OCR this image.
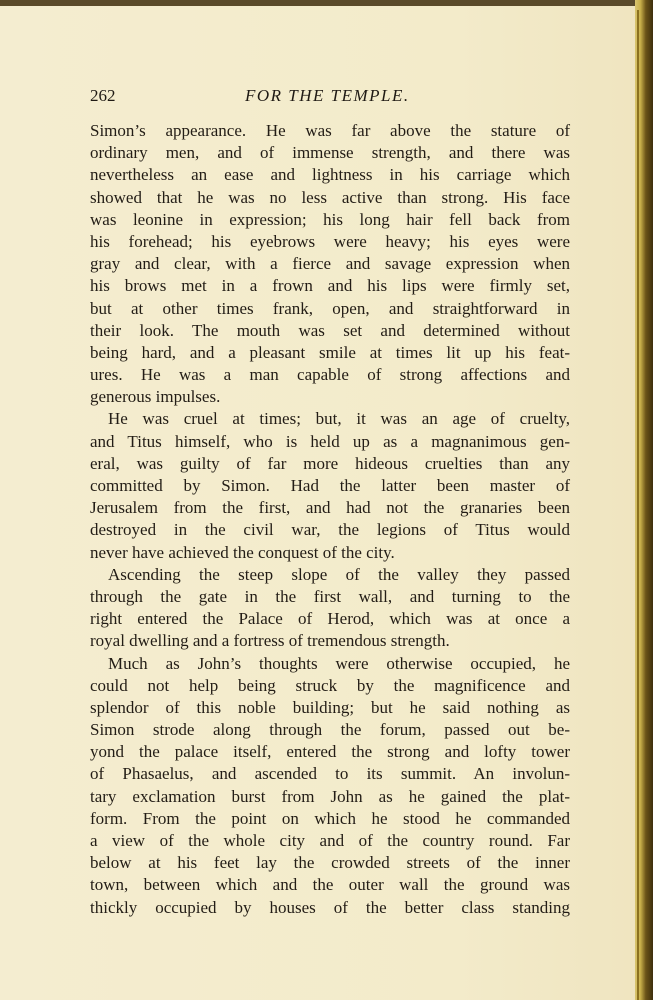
262	FOR THE TEMPLE.
Simon’s appearance. He was far above the stature of
ordinary men, and of immense strength, and there was
nevertheless an ease and lightness in his carriage which
showed that he was no less active than strong. His face
was leonine in expression; his long hair fell back from
his forehead; his eyebrows were heavy; his eyes were
gray and clear, with a fierce and savage expression when
his brows met in a frown and his lips were firmly set,
but at other times frank, open, and straightforward in
their look. The mouth was set and determined without
being hard, and a pleasant smile at times lit up his feat-
ures. He was a man capable of strong affections and
generous impulses.
He was cruel at times; but, it was an age of cruelty,
and Titus himself, who is held up as a magnanimous gen-
eral, was guilty of far more hideous cruelties than any
committed by Simon. Had the latter been master of
Jerusalem from the first, and had not the granaries been
destroyed in the civil war, the legions of Titus would
never have achieved the conquest of the city.
Ascending the steep slope of the valley they passed
through the gate in the first wall, and turning to the
right entered the Palace of Herod, which was at once a
royal dwelling and a fortress of tremendous strength.
Much as John’s thoughts were otherwise occupied, he
could not help being struck by the magnificence and
splendor of this noble building; but he said nothing as
Simon strode along through the forum, passed out be-
yond the palace itself, entered the strong and lofty tower
of Phasaelus, and ascended to its summit. An involun-
tary exclamation burst from John as he gained the plat-
form. From the point on which he stood he commanded
a view of the whole city and of the country round. Far
below at his feet lay the crowded streets of the inner
town, between which and the outer wall the ground was
thickly occupied by houses of the better class standing
